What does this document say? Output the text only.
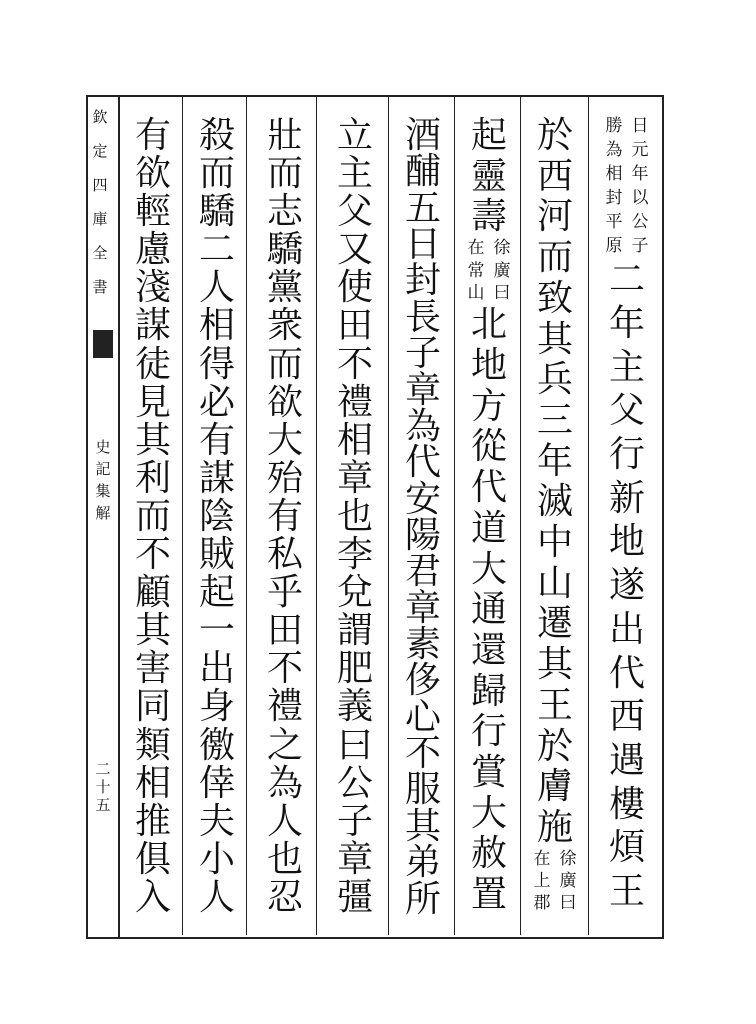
欽
定
四
庫
全
書
史
記
集
解
二
十
五
日
元
年
以
公
子
勝
為
相
封
平
原
二
年
主
父
行
新
地
遂
出
代
西
遇
樓
煩
王
於
西
河
而
致
其
兵
三
年
滅
中
山
遷
其
王
於
膚
施
徐
廣
曰
在
上
郡
起
靈
壽
徐
廣
曰
在
常
山
北
地
方
從
代
道
大
通
還
歸
行
賞
大
赦
置
酒
酺
五
日
封
長
子
章
為
代
安
陽
君
章
素
侈
心
不
服
其
弟
所
立
主
父
又
使
田
不
禮
相
章
也
李
兌
謂
肥
義
曰
公
子
章
彊
壯
而
志
驕
黨
衆
而
欲
大
殆
有
私
乎
田
不
禮
之
為
人
也
忍
殺
而
驕
二
人
相
得
必
有
謀
陰
賊
起
一
出
身
徼
倖
夫
小
人
有
欲
輕
慮
淺
謀
徒
見
其
利
而
不
顧
其
害
同
類
相
推
俱
入
